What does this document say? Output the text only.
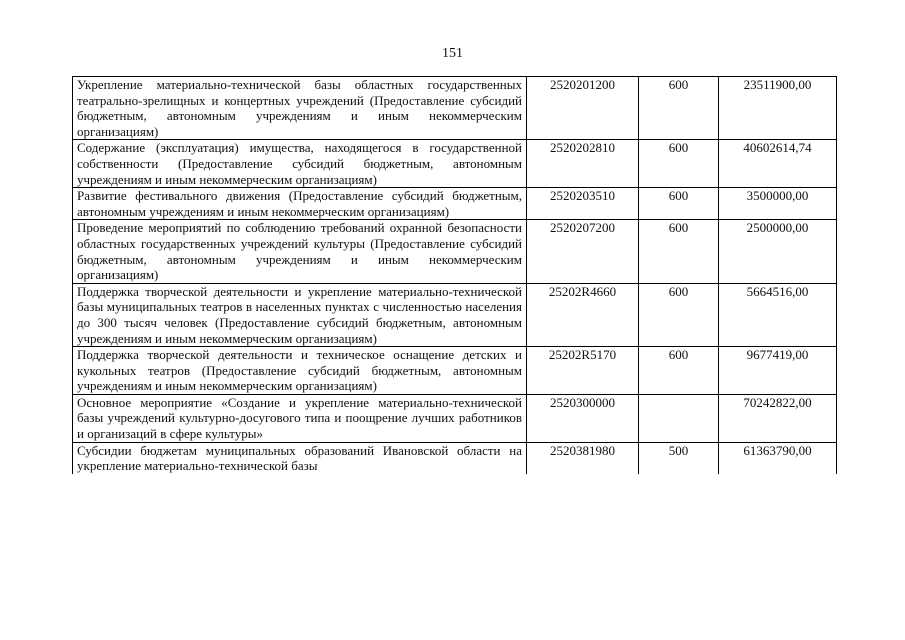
151
Укрепление материально-технической базы областных государственных театрально-зрелищных и концертных учреждений (Предоставление субсидий бюджетным, автономным учреждениям и иным некоммерческим организациям)	2520201200	600	23511900,00
Содержание (эксплуатация) имущества, находящегося в государственной собственности (Предоставление субсидий бюджетным, автономным учреждениям и иным некоммерческим организациям)	2520202810	600	40602614,74
Развитие фестивального движения (Предоставление субсидий бюджетным, автономным учреждениям и иным некоммерческим организациям)	2520203510	600	3500000,00
Проведение мероприятий по соблюдению требований охранной безопасности областных государственных учреждений культуры (Предоставление субсидий бюджетным, автономным учреждениям и иным некоммерческим организациям)	2520207200	600	2500000,00
Поддержка творческой деятельности и укрепление материально-технической базы муниципальных театров в населенных пунктах с численностью населения до 300 тысяч человек (Предоставление субсидий бюджетным, автономным учреждениям и иным некоммерческим организациям)	25202R4660	600	5664516,00
Поддержка творческой деятельности и техническое оснащение детских и кукольных театров (Предоставление субсидий бюджетным, автономным учреждениям и иным некоммерческим организациям)	25202R5170	600	9677419,00
Основное мероприятие «Создание и укрепление материально-технической базы учреждений культурно-досугового типа и поощрение лучших работников и организаций в сфере культуры»	2520300000		70242822,00

Субсидии бюджетам муниципальных образований Ивановской области на укрепление материально-технической базы	2520381980	500	61363790,00
